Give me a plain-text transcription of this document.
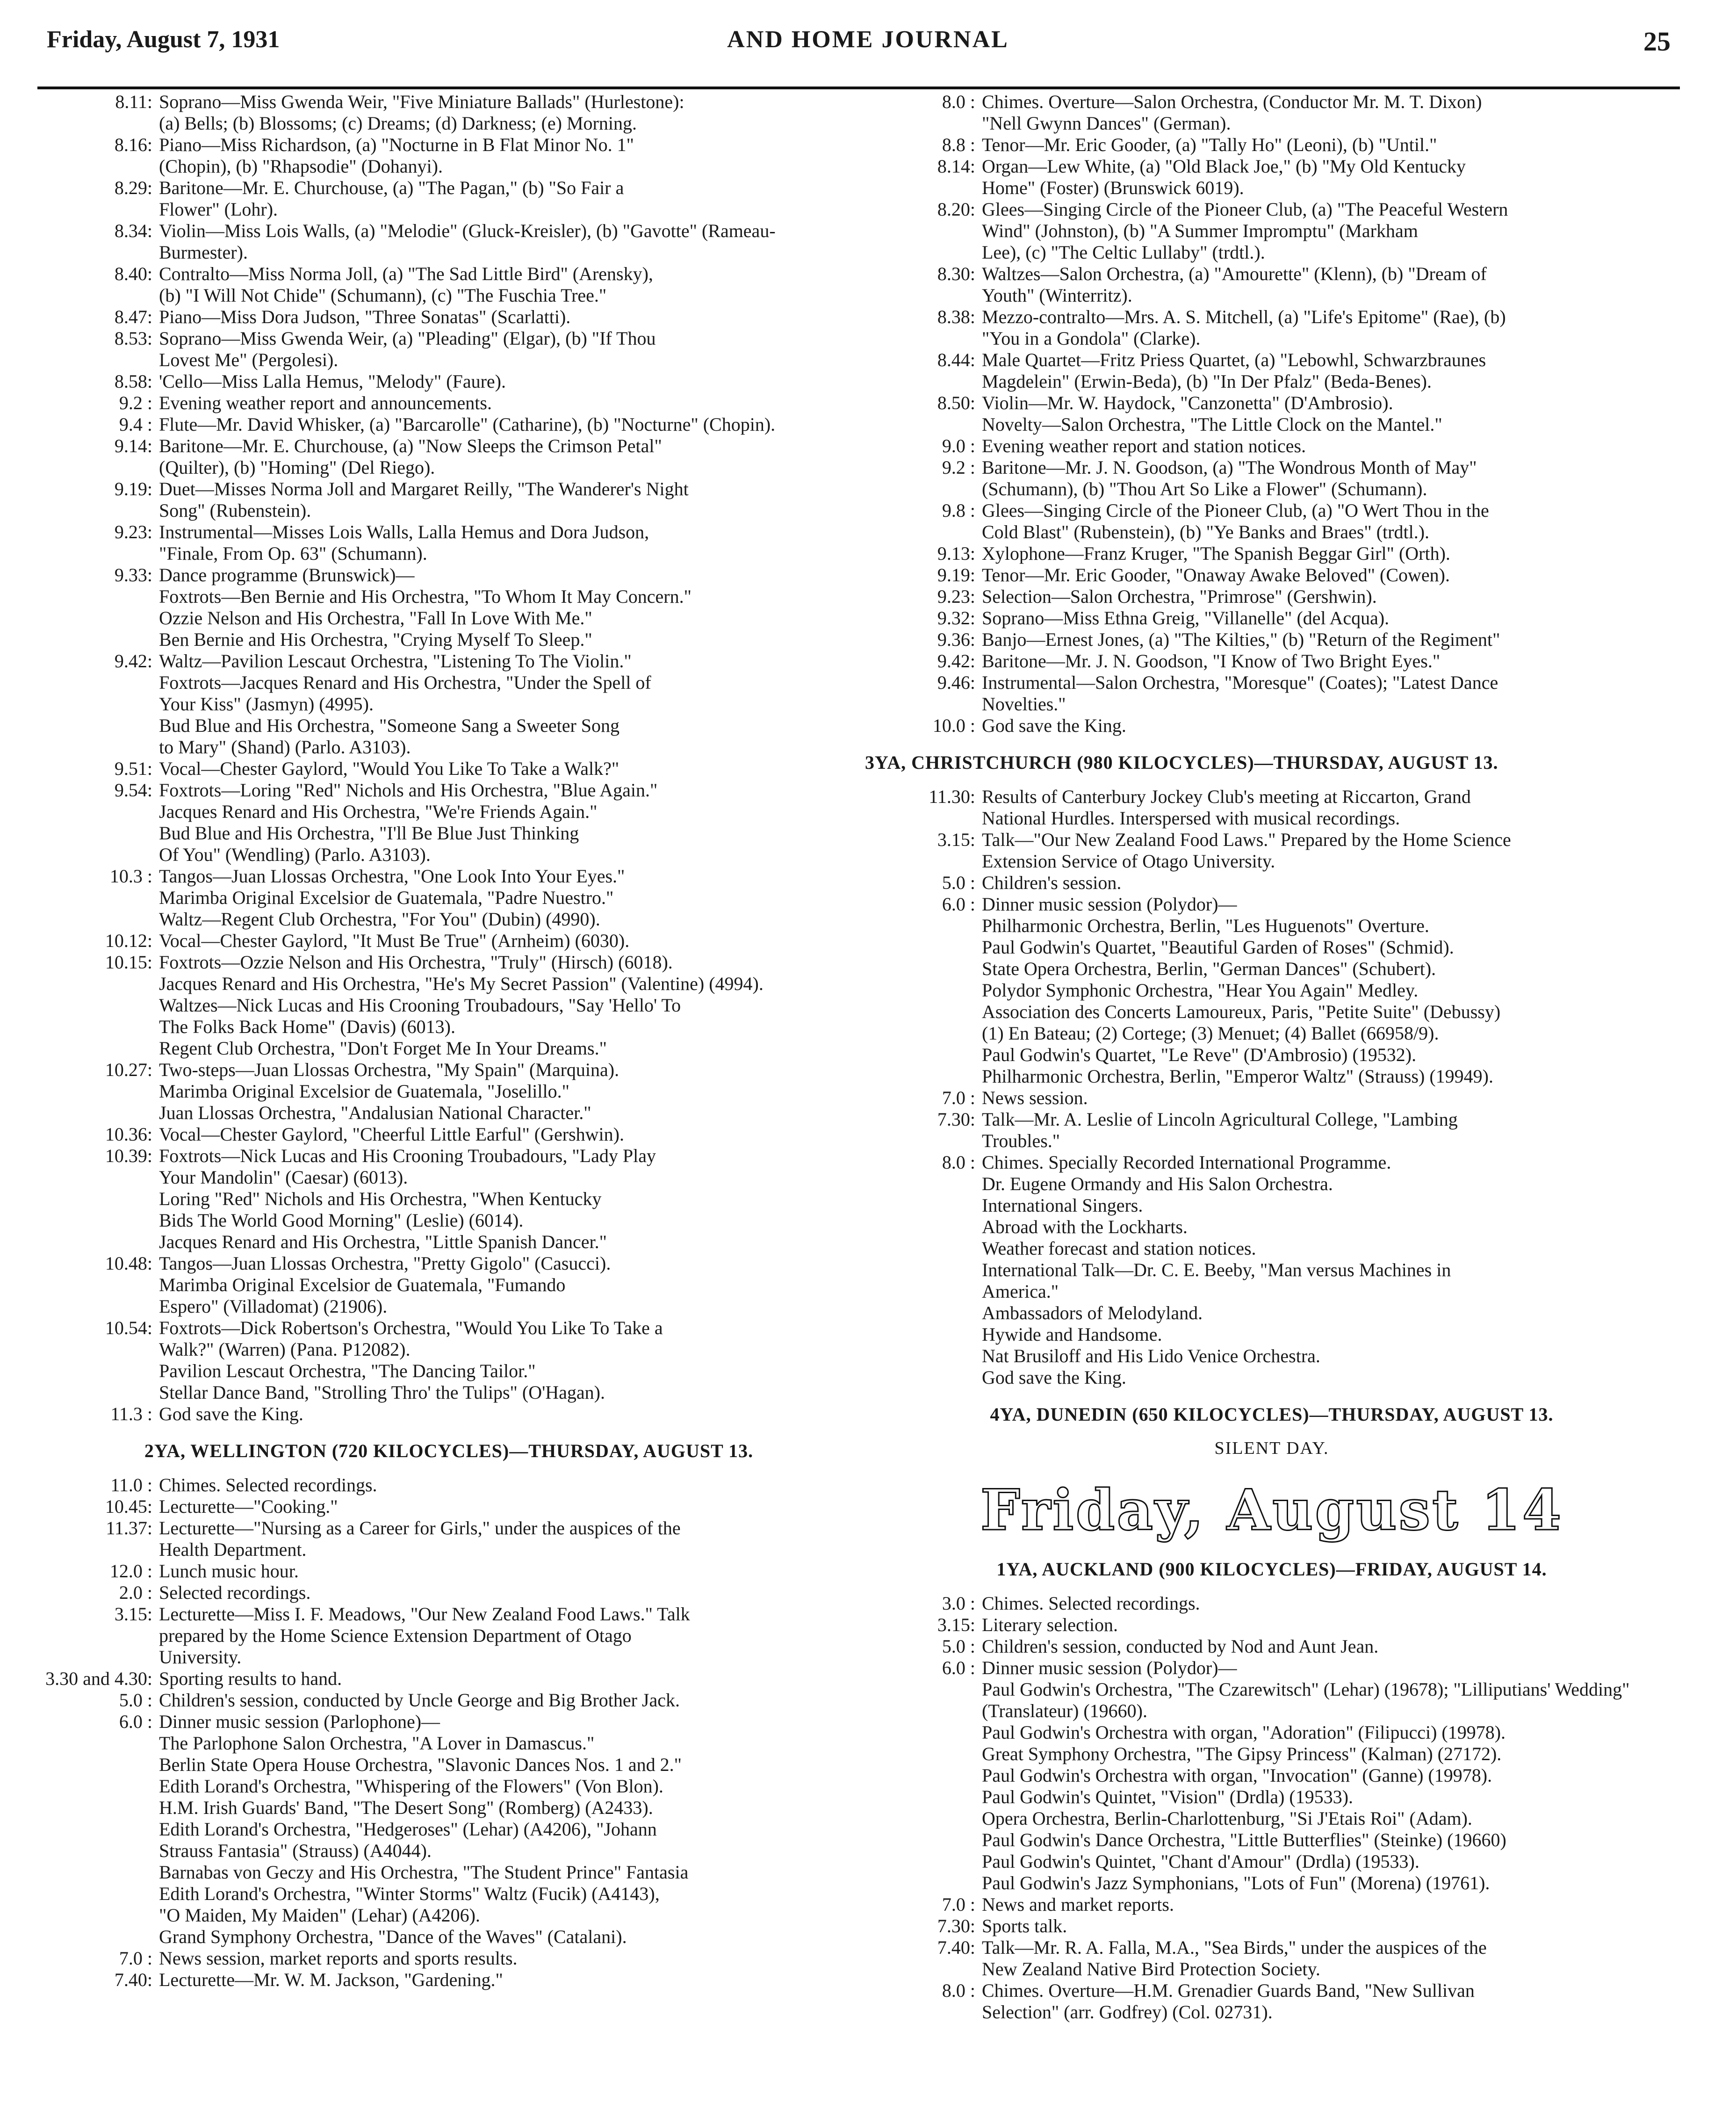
Friday, August 7, 1931	AND HOME JOURNAL	25
8.11: Soprano—Miss Gwenda Weir, "Five Miniature Ballads" (Hurlestone):
(a) Bells; (b) Blossoms; (c) Dreams; (d) Darkness; (e) Morning.
8.16: Piano—Miss Richardson, (a) "Nocturne in B Flat Minor No. 1"
(Chopin), (b) "Rhapsodie" (Dohanyi).
8.29: Baritone—Mr. E. Churchouse, (a) "The Pagan," (b) "So Fair a
Flower" (Lohr).
8.34: Violin—Miss Lois Walls, (a) "Melodie" (Gluck-Kreisler), (b) "Gavotte" (Rameau-Burmester).
8.40: Contralto—Miss Norma Joll, (a) "The Sad Little Bird" (Arensky),
(b) "I Will Not Chide" (Schumann), (c) "The Fuschia Tree."
8.47: Piano—Miss Dora Judson, "Three Sonatas" (Scarlatti).
8.53: Soprano—Miss Gwenda Weir, (a) "Pleading" (Elgar), (b) "If Thou
Lovest Me" (Pergolesi).
8.58: 'Cello—Miss Lalla Hemus, "Melody" (Faure).
9.2 : Evening weather report and announcements.
9.4 : Flute—Mr. David Whisker, (a) "Barcarolle" (Catharine), (b) "Nocturne" (Chopin).
9.14: Baritone—Mr. E. Churchouse, (a) "Now Sleeps the Crimson Petal"
(Quilter), (b) "Homing" (Del Riego).
9.19: Duet—Misses Norma Joll and Margaret Reilly, "The Wanderer's Night
Song" (Rubenstein).
9.23: Instrumental—Misses Lois Walls, Lalla Hemus and Dora Judson,
"Finale, From Op. 63" (Schumann).
9.33: Dance programme (Brunswick)—
Foxtrots—Ben Bernie and His Orchestra, "To Whom It May Concern."
Ozzie Nelson and His Orchestra, "Fall In Love With Me."
Ben Bernie and His Orchestra, "Crying Myself To Sleep."
9.42: Waltz—Pavilion Lescaut Orchestra, "Listening To The Violin."
Foxtrots—Jacques Renard and His Orchestra, "Under the Spell of
Your Kiss" (Jasmyn) (4995).
Bud Blue and His Orchestra, "Someone Sang a Sweeter Song
to Mary" (Shand) (Parlo. A3103).
9.51: Vocal—Chester Gaylord, "Would You Like To Take a Walk?"
9.54: Foxtrots—Loring "Red" Nichols and His Orchestra, "Blue Again."
Jacques Renard and His Orchestra, "We're Friends Again."
Bud Blue and His Orchestra, "I'll Be Blue Just Thinking
Of You" (Wendling) (Parlo. A3103).
10.3 : Tangos—Juan Llossas Orchestra, "One Look Into Your Eyes."
Marimba Original Excelsior de Guatemala, "Padre Nuestro."
Waltz—Regent Club Orchestra, "For You" (Dubin) (4990).
10.12: Vocal—Chester Gaylord, "It Must Be True" (Arnheim) (6030).
10.15: Foxtrots—Ozzie Nelson and His Orchestra, "Truly" (Hirsch) (6018).
Jacques Renard and His Orchestra, "He's My Secret Passion" (Valentine) (4994).
Waltzes—Nick Lucas and His Crooning Troubadours, "Say 'Hello' To
The Folks Back Home" (Davis) (6013).
Regent Club Orchestra, "Don't Forget Me In Your Dreams."
10.27: Two-steps—Juan Llossas Orchestra, "My Spain" (Marquina).
Marimba Original Excelsior de Guatemala, "Joselillo."
Juan Llossas Orchestra, "Andalusian National Character."
10.36: Vocal—Chester Gaylord, "Cheerful Little Earful" (Gershwin).
10.39: Foxtrots—Nick Lucas and His Crooning Troubadours, "Lady Play
Your Mandolin" (Caesar) (6013).
Loring "Red" Nichols and His Orchestra, "When Kentucky
Bids The World Good Morning" (Leslie) (6014).
Jacques Renard and His Orchestra, "Little Spanish Dancer."
10.48: Tangos—Juan Llossas Orchestra, "Pretty Gigolo" (Casucci).
Marimba Original Excelsior de Guatemala, "Fumando
Espero" (Villadomat) (21906).
10.54: Foxtrots—Dick Robertson's Orchestra, "Would You Like To Take a
Walk?" (Warren) (Pana. P12082).
Pavilion Lescaut Orchestra, "The Dancing Tailor."
Stellar Dance Band, "Strolling Thro' the Tulips" (O'Hagan).
11.3 : God save the King.
2YA, WELLINGTON (720 KILOCYCLES)—THURSDAY, AUGUST 13.
11.0 : Chimes. Selected recordings.
10.45: Lecturette—"Cooking."
11.37: Lecturette—"Nursing as a Career for Girls," under the auspices of the
Health Department.
12.0 : Lunch music hour.
2.0 : Selected recordings.
3.15: Lecturette—Miss I. F. Meadows, "Our New Zealand Food Laws." Talk
prepared by the Home Science Extension Department of Otago
University.
3.30 and 4.30: Sporting results to hand.
5.0 : Children's session, conducted by Uncle George and Big Brother Jack.
6.0 : Dinner music session (Parlophone)—
The Parlophone Salon Orchestra, "A Lover in Damascus."
Berlin State Opera House Orchestra, "Slavonic Dances Nos. 1 and 2."
Edith Lorand's Orchestra, "Whispering of the Flowers" (Von Blon).
H.M. Irish Guards' Band, "The Desert Song" (Romberg) (A2433).
Edith Lorand's Orchestra, "Hedgeroses" (Lehar) (A4206), "Johann
Strauss Fantasia" (Strauss) (A4044).
Barnabas von Geczy and His Orchestra, "The Student Prince" Fantasia
Edith Lorand's Orchestra, "Winter Storms" Waltz (Fucik) (A4143),
"O Maiden, My Maiden" (Lehar) (A4206).
Grand Symphony Orchestra, "Dance of the Waves" (Catalani).
7.0 : News session, market reports and sports results.
7.40: Lecturette—Mr. W. M. Jackson, "Gardening."
8.0 : Chimes. Overture—Salon Orchestra, (Conductor Mr. M. T. Dixon)
"Nell Gwynn Dances" (German).
8.8 : Tenor—Mr. Eric Gooder, (a) "Tally Ho" (Leoni), (b) "Until."
8.14: Organ—Lew White, (a) "Old Black Joe," (b) "My Old Kentucky
Home" (Foster) (Brunswick 6019).
8.20: Glees—Singing Circle of the Pioneer Club, (a) "The Peaceful Western
Wind" (Johnston), (b) "A Summer Impromptu" (Markham
Lee), (c) "The Celtic Lullaby" (trdtl.).
8.30: Waltzes—Salon Orchestra, (a) "Amourette" (Klenn), (b) "Dream of
Youth" (Winterritz).
8.38: Mezzo-contralto—Mrs. A. S. Mitchell, (a) "Life's Epitome" (Rae), (b)
"You in a Gondola" (Clarke).
8.44: Male Quartet—Fritz Priess Quartet, (a) "Lebowhl, Schwarzbraunes
Magdelein" (Erwin-Beda), (b) "In Der Pfalz" (Beda-Benes).
8.50: Violin—Mr. W. Haydock, "Canzonetta" (D'Ambrosio).
Novelty—Salon Orchestra, "The Little Clock on the Mantel."
9.0 : Evening weather report and station notices.
9.2 : Baritone—Mr. J. N. Goodson, (a) "The Wondrous Month of May"
(Schumann), (b) "Thou Art So Like a Flower" (Schumann).
9.8 : Glees—Singing Circle of the Pioneer Club, (a) "O Wert Thou in the
Cold Blast" (Rubenstein), (b) "Ye Banks and Braes" (trdtl.).
9.13: Xylophone—Franz Kruger, "The Spanish Beggar Girl" (Orth).
9.19: Tenor—Mr. Eric Gooder, "Onaway Awake Beloved" (Cowen).
9.23: Selection—Salon Orchestra, "Primrose" (Gershwin).
9.32: Soprano—Miss Ethna Greig, "Villanelle" (del Acqua).
9.36: Banjo—Ernest Jones, (a) "The Kilties," (b) "Return of the Regiment"
9.42: Baritone—Mr. J. N. Goodson, "I Know of Two Bright Eyes."
9.46: Instrumental—Salon Orchestra, "Moresque" (Coates); "Latest Dance
Novelties."
10.0 : God save the King.
3YA, CHRISTCHURCH (980 KILOCYCLES)—THURSDAY, AUGUST 13.
11.30: Results of Canterbury Jockey Club's meeting at Riccarton, Grand
National Hurdles. Interspersed with musical recordings.
3.15: Talk—"Our New Zealand Food Laws." Prepared by the Home Science
Extension Service of Otago University.
5.0 : Children's session.
6.0 : Dinner music session (Polydor)—
Philharmonic Orchestra, Berlin, "Les Huguenots" Overture.
Paul Godwin's Quartet, "Beautiful Garden of Roses" (Schmid).
State Opera Orchestra, Berlin, "German Dances" (Schubert).
Polydor Symphonic Orchestra, "Hear You Again" Medley.
Association des Concerts Lamoureux, Paris, "Petite Suite" (Debussy)
(1) En Bateau; (2) Cortege; (3) Menuet; (4) Ballet (66958/9).
Paul Godwin's Quartet, "Le Reve" (D'Ambrosio) (19532).
Philharmonic Orchestra, Berlin, "Emperor Waltz" (Strauss) (19949).
7.0 : News session.
7.30: Talk—Mr. A. Leslie of Lincoln Agricultural College, "Lambing
Troubles."
8.0 : Chimes. Specially Recorded International Programme.
Dr. Eugene Ormandy and His Salon Orchestra.
International Singers.
Abroad with the Lockharts.
Weather forecast and station notices.
International Talk—Dr. C. E. Beeby, "Man versus Machines in
America."
Ambassadors of Melodyland.
Hywide and Handsome.
Nat Brusiloff and His Lido Venice Orchestra.
God save the King.
4YA, DUNEDIN (650 KILOCYCLES)—THURSDAY, AUGUST 13.
SILENT DAY.
Friday, August 14
1YA, AUCKLAND (900 KILOCYCLES)—FRIDAY, AUGUST 14.
3.0 : Chimes. Selected recordings.
3.15: Literary selection.
5.0 : Children's session, conducted by Nod and Aunt Jean.
6.0 : Dinner music session (Polydor)—
Paul Godwin's Orchestra, "The Czarewitsch" (Lehar) (19678); "Lilliputians' Wedding" (Translateur) (19660).
Paul Godwin's Orchestra with organ, "Adoration" (Filipucci) (19978).
Great Symphony Orchestra, "The Gipsy Princess" (Kalman) (27172).
Paul Godwin's Orchestra with organ, "Invocation" (Ganne) (19978).
Paul Godwin's Quintet, "Vision" (Drdla) (19533).
Opera Orchestra, Berlin-Charlottenburg, "Si J'Etais Roi" (Adam).
Paul Godwin's Dance Orchestra, "Little Butterflies" (Steinke) (19660)
Paul Godwin's Quintet, "Chant d'Amour" (Drdla) (19533).
Paul Godwin's Jazz Symphonians, "Lots of Fun" (Morena) (19761).
7.0 : News and market reports.
7.30: Sports talk.
7.40: Talk—Mr. R. A. Falla, M.A., "Sea Birds," under the auspices of the
New Zealand Native Bird Protection Society.
8.0 : Chimes. Overture—H.M. Grenadier Guards Band, "New Sullivan
Selection" (arr. Godfrey) (Col. 02731).
